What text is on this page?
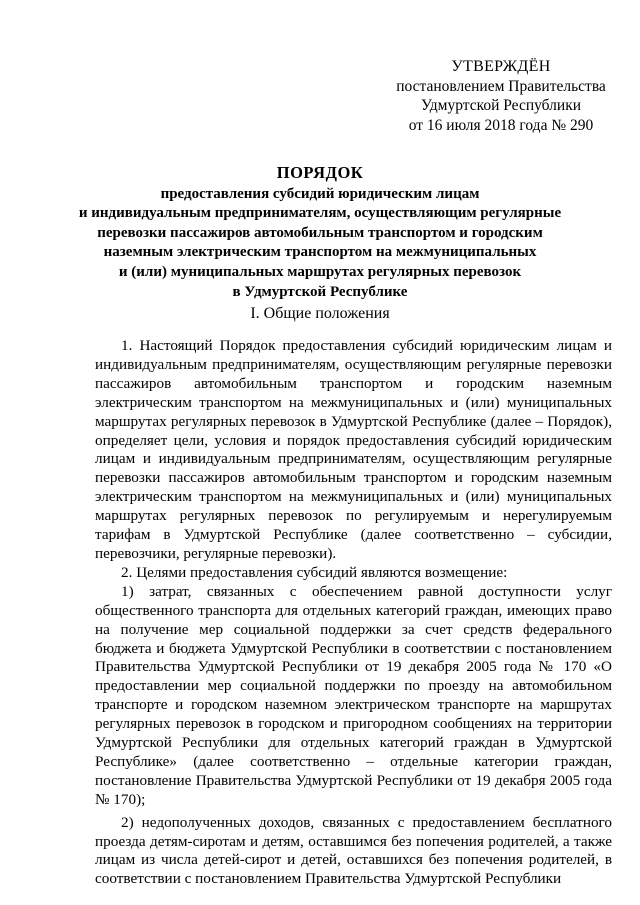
УТВЕРЖДЁН
постановлением Правительства
Удмуртской Республики
от 16 июля 2018 года № 290
ПОРЯДОК
предоставления субсидий юридическим лицам
и индивидуальным предпринимателям, осуществляющим регулярные
перевозки пассажиров автомобильным транспортом и городским
наземным электрическим транспортом на межмуниципальных
и (или) муниципальных маршрутах регулярных перевозок
в Удмуртской Республике
I. Общие положения

1. Настоящий Порядок предоставления субсидий юридическим лицам и индивидуальным предпринимателям, осуществляющим регулярные перевозки пассажиров автомобильным транспортом и городским наземным электрическим транспортом на межмуниципальных и (или) муниципальных маршрутах регулярных перевозок в Удмуртской Республике (далее – Порядок), определяет цели, условия и порядок предоставления субсидий юридическим лицам и индивидуальным предпринимателям, осуществляющим регулярные перевозки пассажиров автомобильным транспортом и городским наземным электрическим транспортом на межмуниципальных и (или) муниципальных маршрутах регулярных перевозок по регулируемым и нерегулируемым тарифам в Удмуртской Республике (далее соответственно – субсидии, перевозчики, регулярные перевозки).

2. Целями предоставления субсидий являются возмещение:

1) затрат, связанных с обеспечением равной доступности услуг общественного транспорта для отдельных категорий граждан, имеющих право на получение мер социальной поддержки за счет средств федерального бюджета и бюджета Удмуртской Республики в соответствии с постановлением Правительства Удмуртской Республики от 19 декабря 2005 года № 170 «О предоставлении мер социальной поддержки по проезду на автомобильном транспорте и городском наземном электрическом транспорте на маршрутах регулярных перевозок в городском и пригородном сообщениях на территории Удмуртской Республики для отдельных категорий граждан в Удмуртской Республике» (далее соответственно – отдельные категории граждан, постановление Правительства Удмуртской Республики от 19 декабря 2005 года № 170);

2) недополученных доходов, связанных с предоставлением бесплатного проезда детям-сиротам и детям, оставшимся без попечения родителей, а также лицам из числа детей-сирот и детей, оставшихся без попечения родителей, в соответствии с постановлением Правительства Удмуртской Республики
